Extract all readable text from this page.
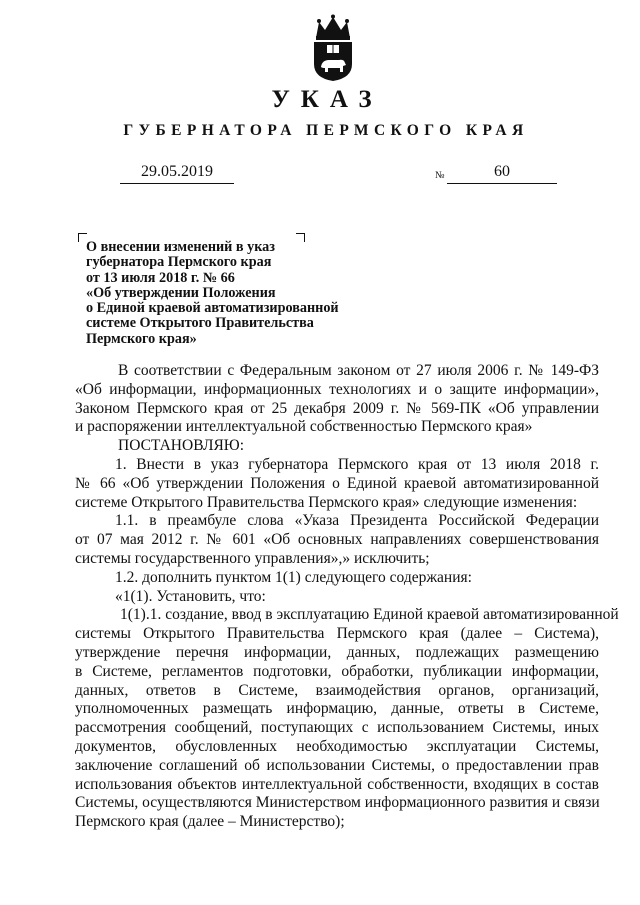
УКАЗ
ГУБЕРНАТОРА ПЕРМСКОГО КРАЯ
29.05.2019	№	60
О внесении изменений в указ
губернатора Пермского края
от 13 июля 2018 г. № 66
«Об утверждении Положения
о Единой краевой автоматизированной
системе Открытого Правительства
Пермского края»
В соответствии с Федеральным законом от 27 июля 2006 г. № 149-ФЗ
«Об информации, информационных технологиях и о защите информации»,
Законом Пермского края от 25 декабря 2009 г. № 569-ПК «Об управлении
и распоряжении интеллектуальной собственностью Пермского края»
ПОСТАНОВЛЯЮ:
1. Внести в указ губернатора Пермского края от 13 июля 2018 г.
№ 66 «Об утверждении Положения о Единой краевой автоматизированной
системе Открытого Правительства Пермского края» следующие изменения:
1.1. в преамбуле слова «Указа Президента Российской Федерации
от 07 мая 2012 г. № 601 «Об основных направлениях совершенствования
системы государственного управления»,» исключить;
1.2. дополнить пунктом 1(1) следующего содержания:
«1(1). Установить, что:
1(1).1. создание, ввод в эксплуатацию Единой краевой автоматизированной
системы Открытого Правительства Пермского края (далее – Система),
утверждение перечня информации, данных, подлежащих размещению
в Системе, регламентов подготовки, обработки, публикации информации,
данных, ответов в Системе, взаимодействия органов, организаций,
уполномоченных размещать информацию, данные, ответы в Системе,
рассмотрения сообщений, поступающих с использованием Системы, иных
документов, обусловленных необходимостью эксплуатации Системы,
заключение соглашений об использовании Системы, о предоставлении прав
использования объектов интеллектуальной собственности, входящих в состав
Системы, осуществляются Министерством информационного развития и связи
Пермского края (далее – Министерство);
